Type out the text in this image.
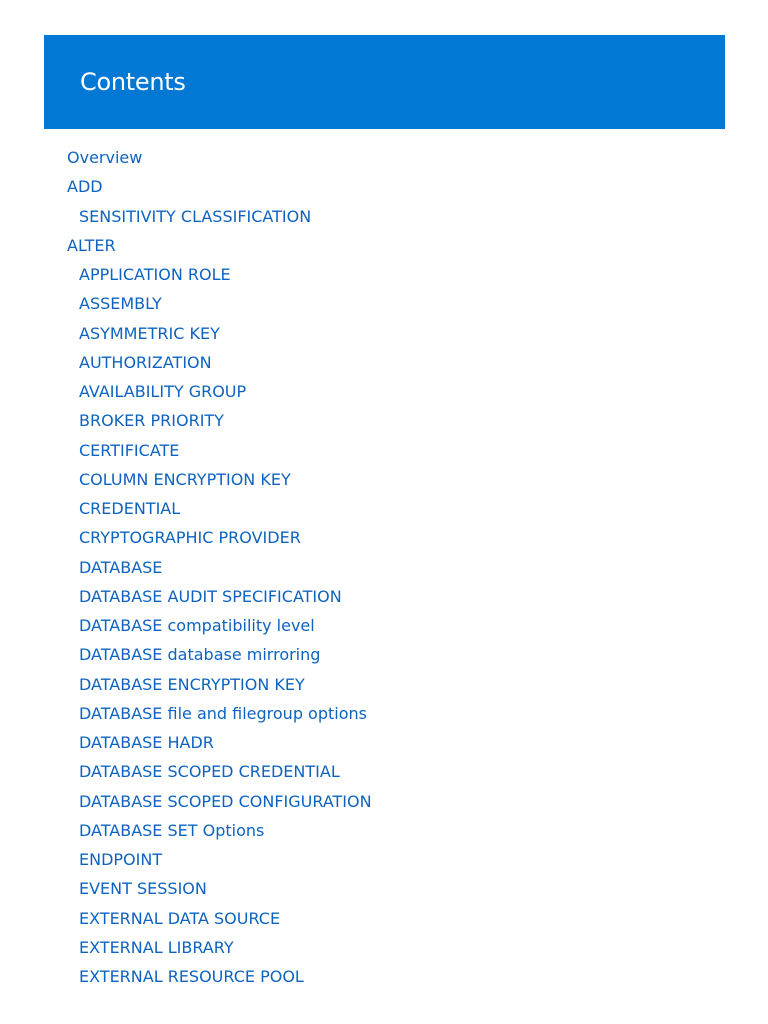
Contents
Overview
ADD
SENSITIVITY CLASSIFICATION
ALTER
APPLICATION ROLE
ASSEMBLY
ASYMMETRIC KEY
AUTHORIZATION
AVAILABILITY GROUP
BROKER PRIORITY
CERTIFICATE
COLUMN ENCRYPTION KEY
CREDENTIAL
CRYPTOGRAPHIC PROVIDER
DATABASE
DATABASE AUDIT SPECIFICATION
DATABASE compatibility level
DATABASE database mirroring
DATABASE ENCRYPTION KEY
DATABASE file and filegroup options
DATABASE HADR
DATABASE SCOPED CREDENTIAL
DATABASE SCOPED CONFIGURATION
DATABASE SET Options
ENDPOINT
EVENT SESSION
EXTERNAL DATA SOURCE
EXTERNAL LIBRARY
EXTERNAL RESOURCE POOL
